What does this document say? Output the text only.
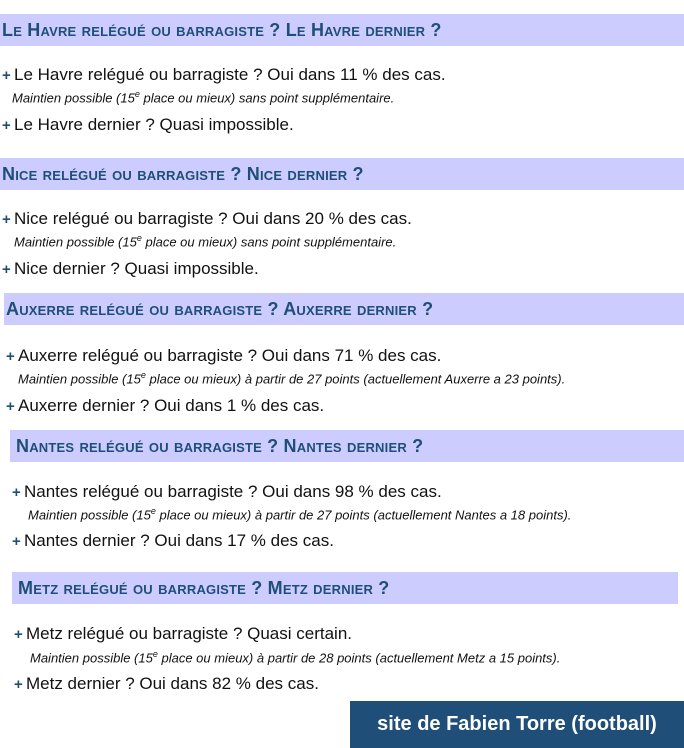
Le Havre relégué ou barragiste ? Le Havre dernier ?
+ Le Havre relégué ou barragiste ? Oui dans 11 % des cas.
Maintien possible (15e place ou mieux) sans point supplémentaire.
+ Le Havre dernier ? Quasi impossible.
Nice relégué ou barragiste ? Nice dernier ?
+ Nice relégué ou barragiste ? Oui dans 20 % des cas.
Maintien possible (15e place ou mieux) sans point supplémentaire.
+ Nice dernier ? Quasi impossible.
Auxerre relégué ou barragiste ? Auxerre dernier ?
+ Auxerre relégué ou barragiste ? Oui dans 71 % des cas.
Maintien possible (15e place ou mieux) à partir de 27 points (actuellement Auxerre a 23 points).
+ Auxerre dernier ? Oui dans 1 % des cas.
Nantes relégué ou barragiste ? Nantes dernier ?
+ Nantes relégué ou barragiste ? Oui dans 98 % des cas.
Maintien possible (15e place ou mieux) à partir de 27 points (actuellement Nantes a 18 points).
+ Nantes dernier ? Oui dans 17 % des cas.
Metz relégué ou barragiste ? Metz dernier ?
+ Metz relégué ou barragiste ? Quasi certain.
Maintien possible (15e place ou mieux) à partir de 28 points (actuellement Metz a 15 points).
+ Metz dernier ? Oui dans 82 % des cas.
site de Fabien Torre (football)
